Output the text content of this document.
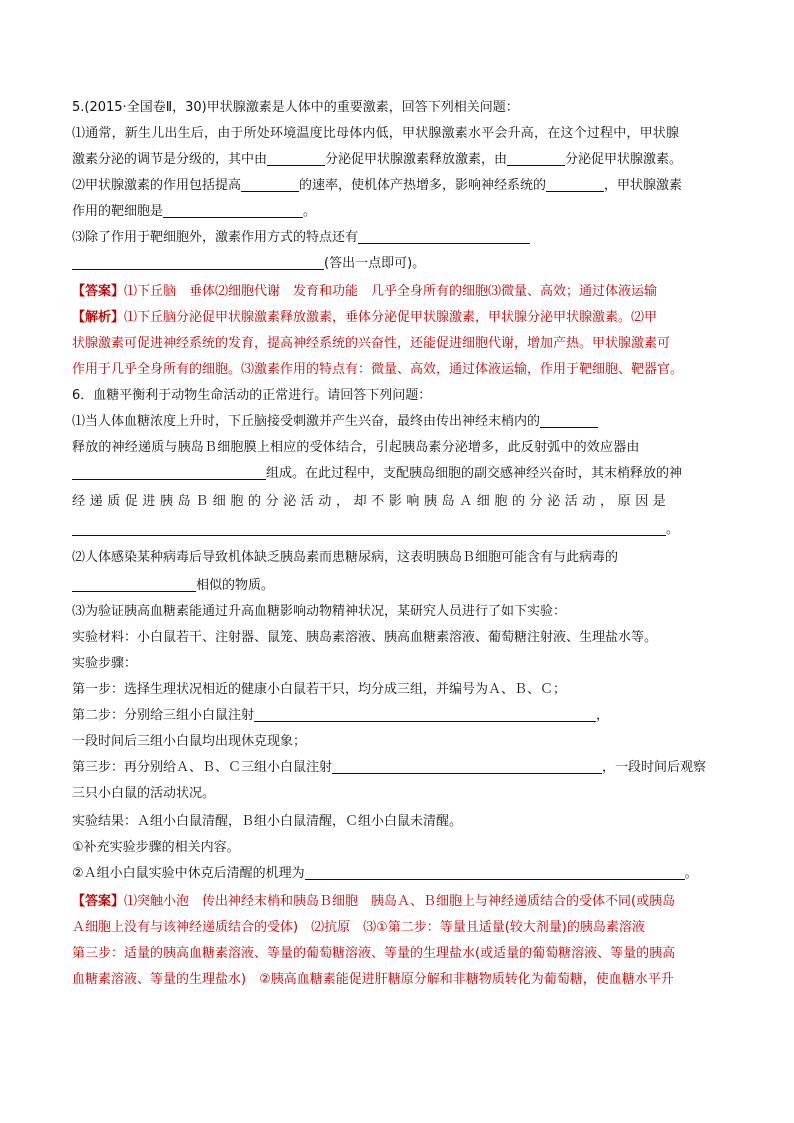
5.(2015·全国卷Ⅱ，30)甲状腺激素是人体中的重要激素，回答下列相关问题：
⑴通常，新生儿出生后，由于所处环境温度比母体内低，甲状腺激素水平会升高，在这个过程中，甲状腺
激素分泌的调节是分级的，其中由	分泌促甲状腺激素释放激素，由	分泌促甲状腺激素。
⑵甲状腺激素的作用包括提高	的速率，使机体产热增多，影响神经系统的	，甲状腺激素
作用的靶细胞是	。
⑶除了作用于靶细胞外，激素作用方式的特点还有
(答出一点即可)。
【答案】⑴下丘脑　垂体⑵细胞代谢　发育和功能　几乎全身所有的细胞⑶微量、高效；通过体液运输
【解析】⑴下丘脑分泌促甲状腺激素释放激素，垂体分泌促甲状腺激素，甲状腺分泌甲状腺激素。⑵甲
状腺激素可促进神经系统的发育，提高神经系统的兴奋性，还能促进细胞代谢，增加产热。甲状腺激素可
作用于几乎全身所有的细胞。⑶激素作用的特点有：微量、高效，通过体液运输，作用于靶细胞、靶器官。
6．血糖平衡利于动物生命活动的正常进行。请回答下列问题：
⑴当人体血糖浓度上升时，下丘脑接受刺激并产生兴奋，最终由传出神经末梢内的
释放的神经递质与胰岛Ｂ细胞膜上相应的受体结合，引起胰岛素分泌增多，此反射弧中的效应器由
组成。在此过程中，支配胰岛细胞的副交感神经兴奋时，其末梢释放的神
经递质促进胰岛Ｂ细胞的分泌活动，却不影响胰岛Ａ细胞的分泌活动，原因是
。
⑵人体感染某种病毒后导致机体缺乏胰岛素而患糖尿病，这表明胰岛Ｂ细胞可能含有与此病毒的
相似的物质。
⑶为验证胰高血糖素能通过升高血糖影响动物精神状况，某研究人员进行了如下实验：
实验材料：小白鼠若干、注射器、鼠笼、胰岛素溶液、胰高血糖素溶液、葡萄糖注射液、生理盐水等。
实验步骤：
第一步：选择生理状况相近的健康小白鼠若干只，均分成三组，并编号为Ａ、Ｂ、Ｃ；
第二步：分别给三组小白鼠注射	，
一段时间后三组小白鼠均出现休克现象；
第三步：再分别给Ａ、Ｂ、Ｃ三组小白鼠注射	，一段时间后观察
三只小白鼠的活动状况。
实验结果：Ａ组小白鼠清醒，Ｂ组小白鼠清醒，Ｃ组小白鼠未清醒。
①补充实验步骤的相关内容。
②Ａ组小白鼠实验中休克后清醒的机理为	。
【答案】⑴突触小泡　传出神经末梢和胰岛Ｂ细胞　胰岛Ａ、Ｂ细胞上与神经递质结合的受体不同(或胰岛
Ａ细胞上没有与该神经递质结合的受体)　⑵抗原　⑶①第二步：等量且适量(较大剂量)的胰岛素溶液
第三步：适量的胰高血糖素溶液、等量的葡萄糖溶液、等量的生理盐水(或适量的葡萄糖溶液、等量的胰高
血糖素溶液、等量的生理盐水)　②胰高血糖素能促进肝糖原分解和非糖物质转化为葡萄糖，使血糖水平升
